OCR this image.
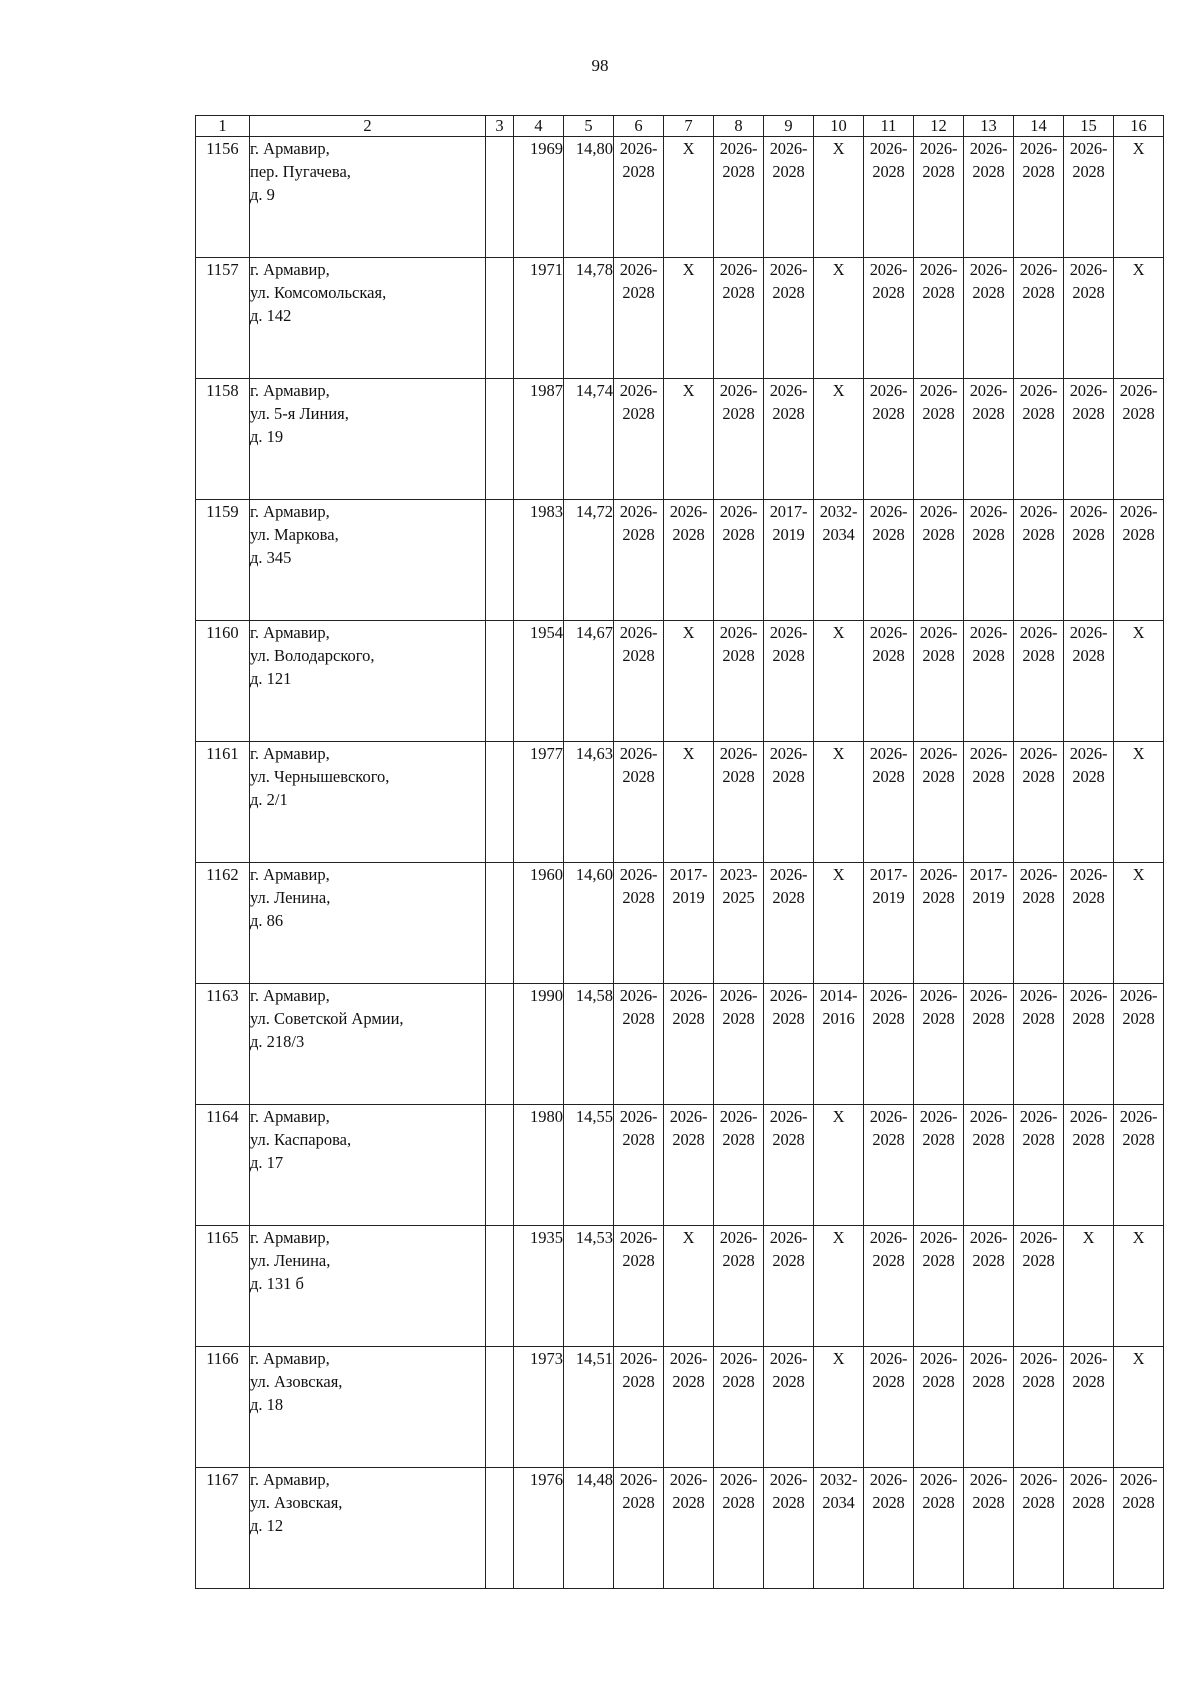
98
1	2	3	4	5	6	7	8	9	10	11	12	13	14	15	16
1156	г. Армавир,
пер. Пугачева,
д. 9		1969	14,80	2026-
2028	Х	2026-
2028	2026-
2028	Х	2026-
2028	2026-
2028	2026-
2028	2026-
2028	2026-
2028	Х
1157	г. Армавир,
ул. Комсомольская,
д. 142		1971	14,78	2026-
2028	Х	2026-
2028	2026-
2028	Х	2026-
2028	2026-
2028	2026-
2028	2026-
2028	2026-
2028	Х
1158	г. Армавир,
ул. 5-я Линия,
д. 19		1987	14,74	2026-
2028	Х	2026-
2028	2026-
2028	Х	2026-
2028	2026-
2028	2026-
2028	2026-
2028	2026-
2028	2026-
2028

1159	г. Армавир,
ул. Маркова,
д. 345		1983	14,72	2026-
2028	2026-
2028	2026-
2028	2017-
2019	2032-
2034	2026-
2028	2026-
2028	2026-
2028	2026-
2028	2026-
2028	2026-
2028

1160	г. Армавир,
ул. Володарского,
д. 121		1954	14,67	2026-
2028	Х	2026-
2028	2026-
2028	Х	2026-
2028	2026-
2028	2026-
2028	2026-
2028	2026-
2028	Х
1161	г. Армавир,
ул. Чернышевского,
д. 2/1		1977	14,63	2026-
2028	Х	2026-
2028	2026-
2028	Х	2026-
2028	2026-
2028	2026-
2028	2026-
2028	2026-
2028	Х
1162	г. Армавир,
ул. Ленина,
д. 86		1960	14,60	2026-
2028	2017-
2019	2023-
2025	2026-
2028	Х	2017-
2019	2026-
2028	2017-
2019	2026-
2028	2026-
2028	Х
1163	г. Армавир,
ул. Советской Армии,
д. 218/3		1990	14,58	2026-
2028	2026-
2028	2026-
2028	2026-
2028	2014-
2016	2026-
2028	2026-
2028	2026-
2028	2026-
2028	2026-
2028	2026-
2028

1164	г. Армавир,
ул. Каспарова,
д. 17		1980	14,55	2026-
2028	2026-
2028	2026-
2028	2026-
2028	Х	2026-
2028	2026-
2028	2026-
2028	2026-
2028	2026-
2028	2026-
2028

1165	г. Армавир,
ул. Ленина,
д. 131 б		1935	14,53	2026-
2028	Х	2026-
2028	2026-
2028	Х	2026-
2028	2026-
2028	2026-
2028	2026-
2028	Х	Х
1166	г. Армавир,
ул. Азовская,
д. 18		1973	14,51	2026-
2028	2026-
2028	2026-
2028	2026-
2028	Х	2026-
2028	2026-
2028	2026-
2028	2026-
2028	2026-
2028	Х
1167	г. Армавир,
ул. Азовская,
д. 12		1976	14,48	2026-
2028	2026-
2028	2026-
2028	2026-
2028	2032-
2034	2026-
2028	2026-
2028	2026-
2028	2026-
2028	2026-
2028	2026-
2028
